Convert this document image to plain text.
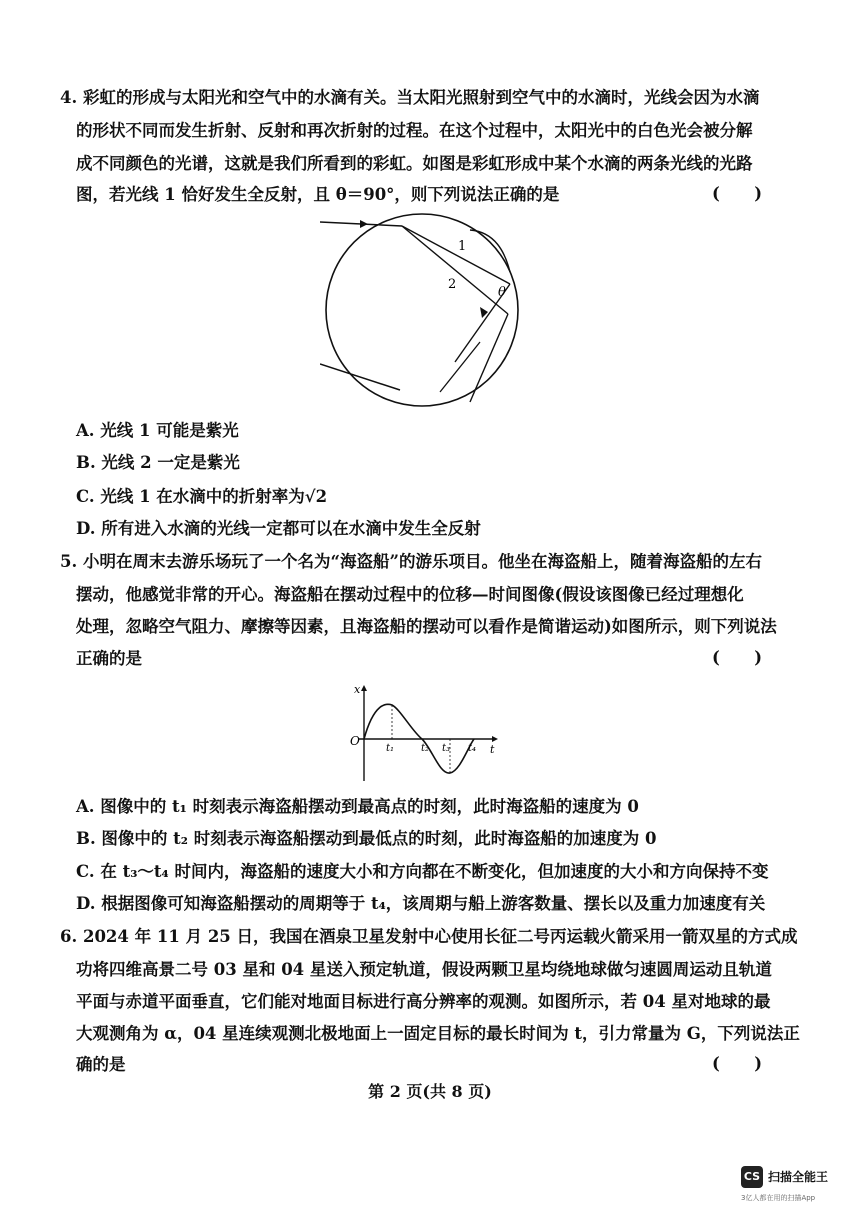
4. 彩虹的形成与太阳光和空气中的水滴有关。当太阳光照射到空气中的水滴时，光线会因为水滴
的形状不同而发生折射、反射和再次折射的过程。在这个过程中，太阳光中的白色光会被分解
成不同颜色的光谱，这就是我们所看到的彩虹。如图是彩虹形成中某个水滴的两条光线的光路
图，若光线 1 恰好发生全反射，且 θ＝90°，则下列说法正确的是	(      )
1
2
θ
A. 光线 1 可能是紫光
B. 光线 2 一定是紫光
C. 光线 1 在水滴中的折射率为√2
D. 所有进入水滴的光线一定都可以在水滴中发生全反射
5. 小明在周末去游乐场玩了一个名为“海盗船”的游乐项目。他坐在海盗船上，随着海盗船的左右
摆动，他感觉非常的开心。海盗船在摆动过程中的位移—时间图像(假设该图像已经过理想化
处理，忽略空气阻力、摩擦等因素，且海盗船的摆动可以看作是简谐运动)如图所示，则下列说法
正确的是	(      )
x
t
O
t₁	t₂ t₃ t₄
A. 图像中的 t₁ 时刻表示海盗船摆动到最高点的时刻，此时海盗船的速度为 0
B. 图像中的 t₂ 时刻表示海盗船摆动到最低点的时刻，此时海盗船的加速度为 0
C. 在 t₃～t₄ 时间内，海盗船的速度大小和方向都在不断变化，但加速度的大小和方向保持不变
D. 根据图像可知海盗船摆动的周期等于 t₄，该周期与船上游客数量、摆长以及重力加速度有关
6. 2024 年 11 月 25 日，我国在酒泉卫星发射中心使用长征二号丙运载火箭采用一箭双星的方式成
功将四维高景二号 03 星和 04 星送入预定轨道，假设两颗卫星均绕地球做匀速圆周运动且轨道
平面与赤道平面垂直，它们能对地面目标进行高分辨率的观测。如图所示，若 04 星对地球的最
大观测角为 α，04 星连续观测北极地面上一固定目标的最长时间为 t，引力常量为 G，下列说法正
确的是	(      )
第 2 页(共 8 页)
CS 扫描全能王
3亿人都在用的扫描App
